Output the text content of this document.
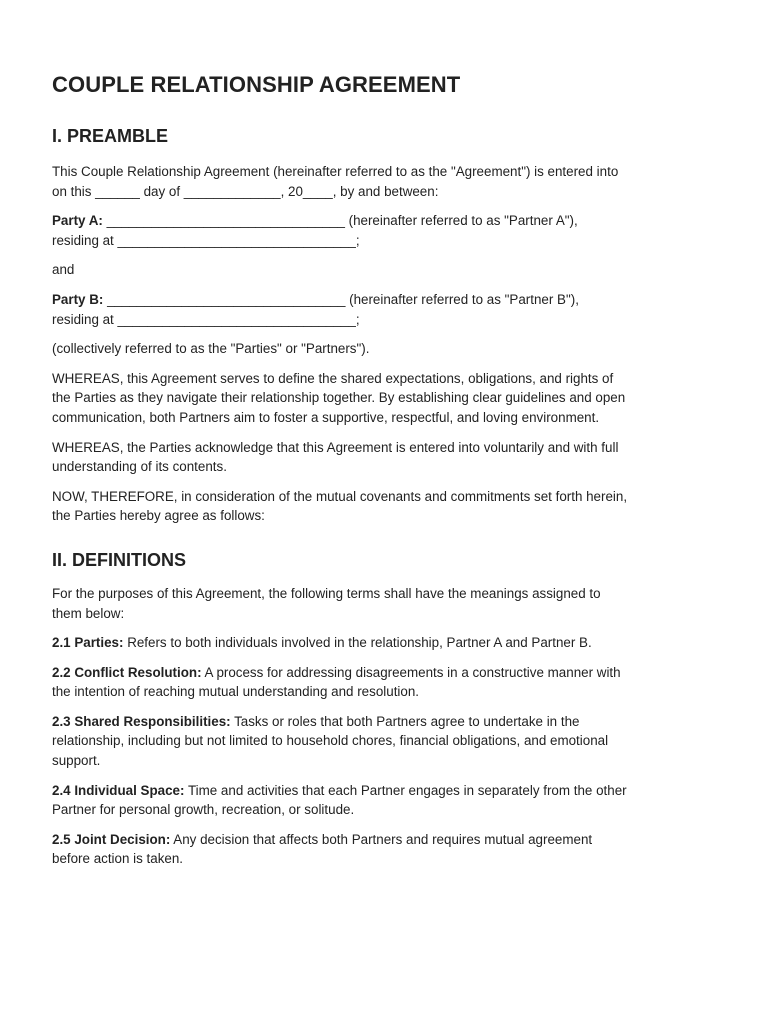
COUPLE RELATIONSHIP AGREEMENT
I. PREAMBLE

This Couple Relationship Agreement (hereinafter referred to as the "Agreement") is entered into
on this ______ day of _____________, 20____, by and between:

Party A: ________________________________ (hereinafter referred to as "Partner A"),
residing at ________________________________;

and

Party B: ________________________________ (hereinafter referred to as "Partner B"),
residing at ________________________________;

(collectively referred to as the "Parties" or "Partners").

WHEREAS, this Agreement serves to define the shared expectations, obligations, and rights of
the Parties as they navigate their relationship together. By establishing clear guidelines and open
communication, both Partners aim to foster a supportive, respectful, and loving environment.

WHEREAS, the Parties acknowledge that this Agreement is entered into voluntarily and with full
understanding of its contents.

NOW, THEREFORE, in consideration of the mutual covenants and commitments set forth herein,
the Parties hereby agree as follows:

II. DEFINITIONS

For the purposes of this Agreement, the following terms shall have the meanings assigned to
them below:

2.1 Parties: Refers to both individuals involved in the relationship, Partner A and Partner B.

2.2 Conflict Resolution: A process for addressing disagreements in a constructive manner with
the intention of reaching mutual understanding and resolution.

2.3 Shared Responsibilities: Tasks or roles that both Partners agree to undertake in the
relationship, including but not limited to household chores, financial obligations, and emotional
support.

2.4 Individual Space: Time and activities that each Partner engages in separately from the other
Partner for personal growth, recreation, or solitude.

2.5 Joint Decision: Any decision that affects both Partners and requires mutual agreement
before action is taken.
